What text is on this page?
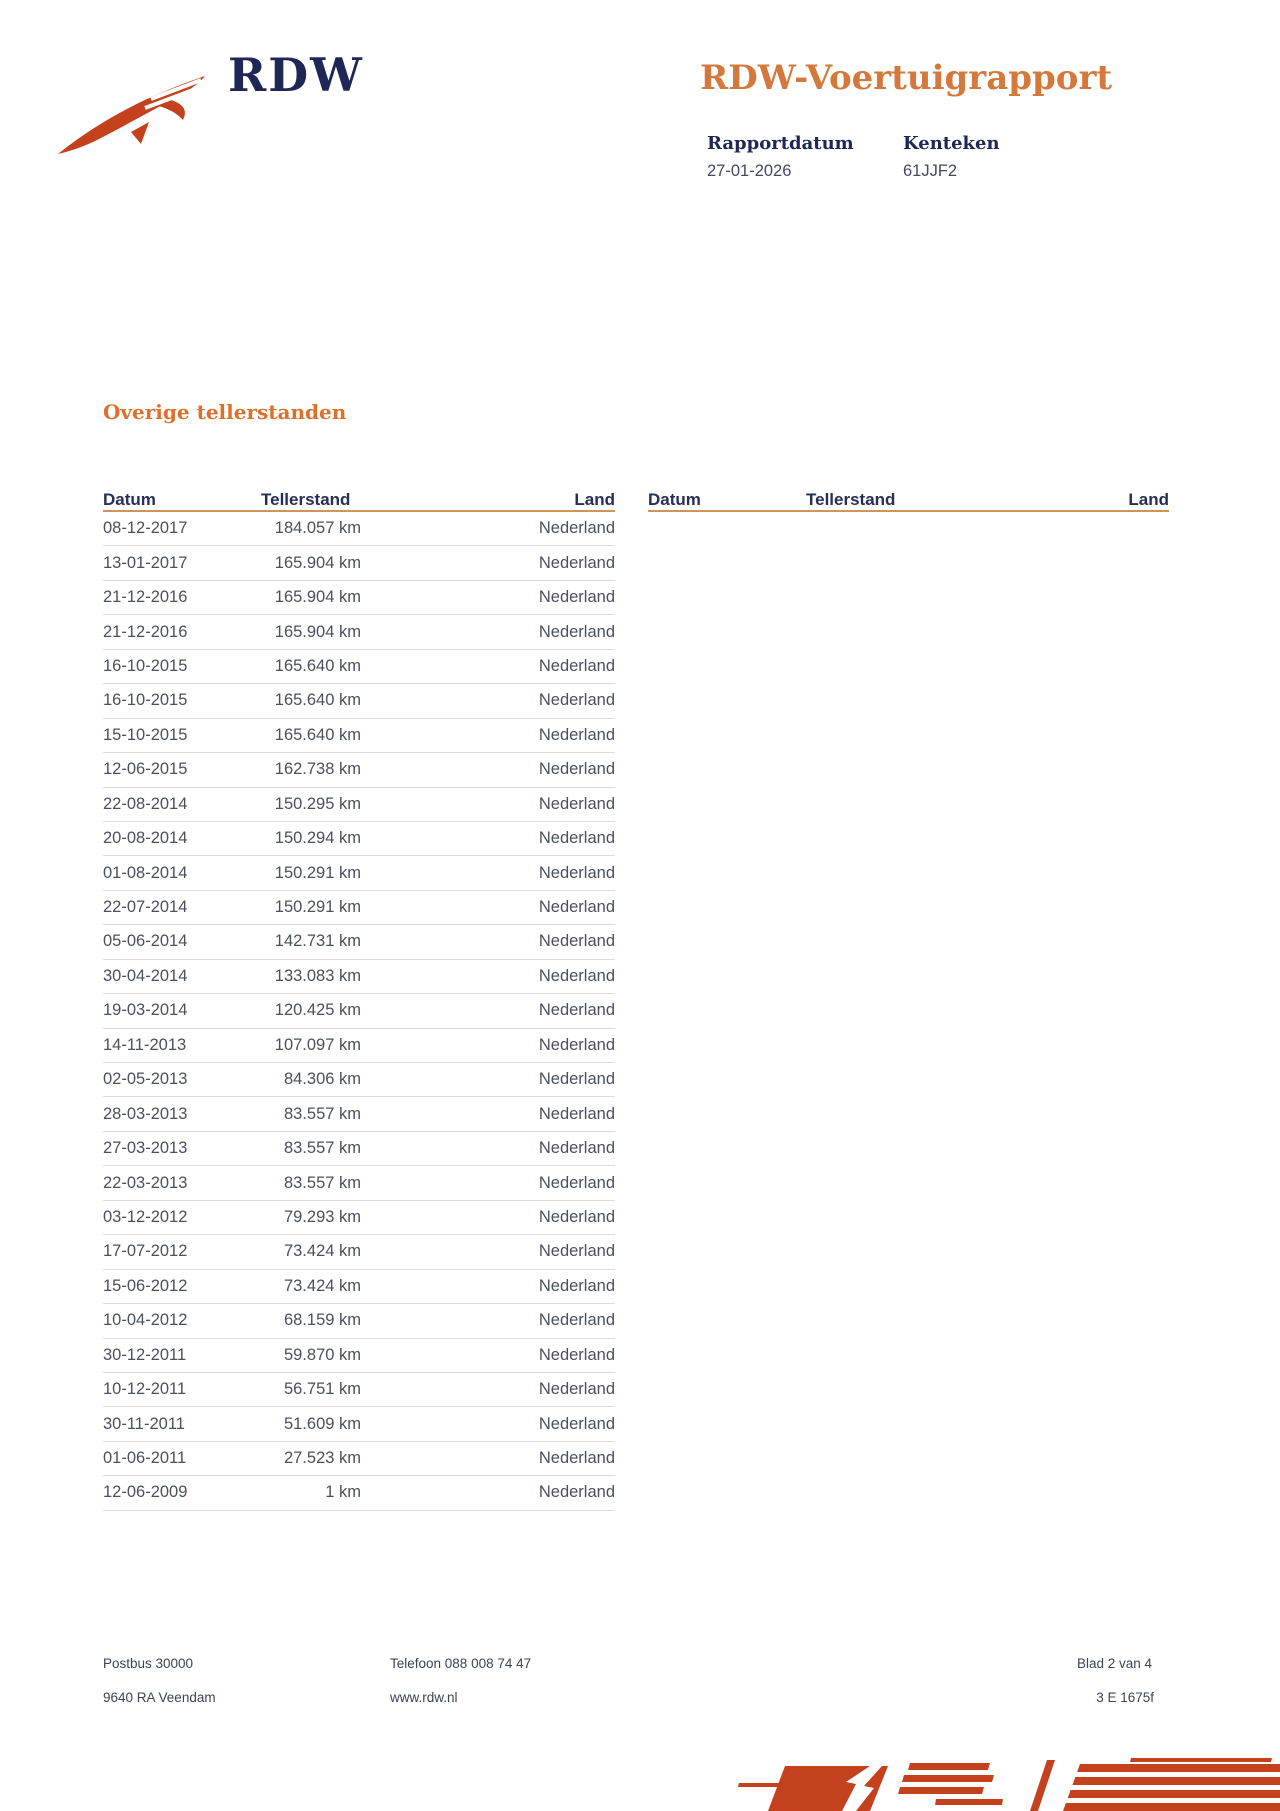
RDW	RDW-Voertuigrapport
Rapportdatum
27-01-2026
Kenteken
61JJF2
Overige tellerstanden
Datum	Tellerstand	Land
08-12-2017	184.057 km	Nederland
13-01-2017	165.904 km	Nederland
21-12-2016	165.904 km	Nederland
21-12-2016	165.904 km	Nederland
16-10-2015	165.640 km	Nederland
16-10-2015	165.640 km	Nederland
15-10-2015	165.640 km	Nederland
12-06-2015	162.738 km	Nederland
22-08-2014	150.295 km	Nederland
20-08-2014	150.294 km	Nederland
01-08-2014	150.291 km	Nederland
22-07-2014	150.291 km	Nederland
05-06-2014	142.731 km	Nederland
30-04-2014	133.083 km	Nederland
19-03-2014	120.425 km	Nederland
14-11-2013	107.097 km	Nederland
02-05-2013	84.306 km	Nederland
28-03-2013	83.557 km	Nederland
27-03-2013	83.557 km	Nederland
22-03-2013	83.557 km	Nederland
03-12-2012	79.293 km	Nederland
17-07-2012	73.424 km	Nederland
15-06-2012	73.424 km	Nederland
10-04-2012	68.159 km	Nederland
30-12-2011	59.870 km	Nederland
10-12-2011	56.751 km	Nederland
30-11-2011	51.609 km	Nederland
01-06-2011	27.523 km	Nederland
12-06-2009	1 km	Nederland
Datum	Tellerstand	Land
Postbus 30000
9640 RA Veendam
Telefoon 088 008 74 47
www.rdw.nl
Blad 2 van 4
3 E 1675f
